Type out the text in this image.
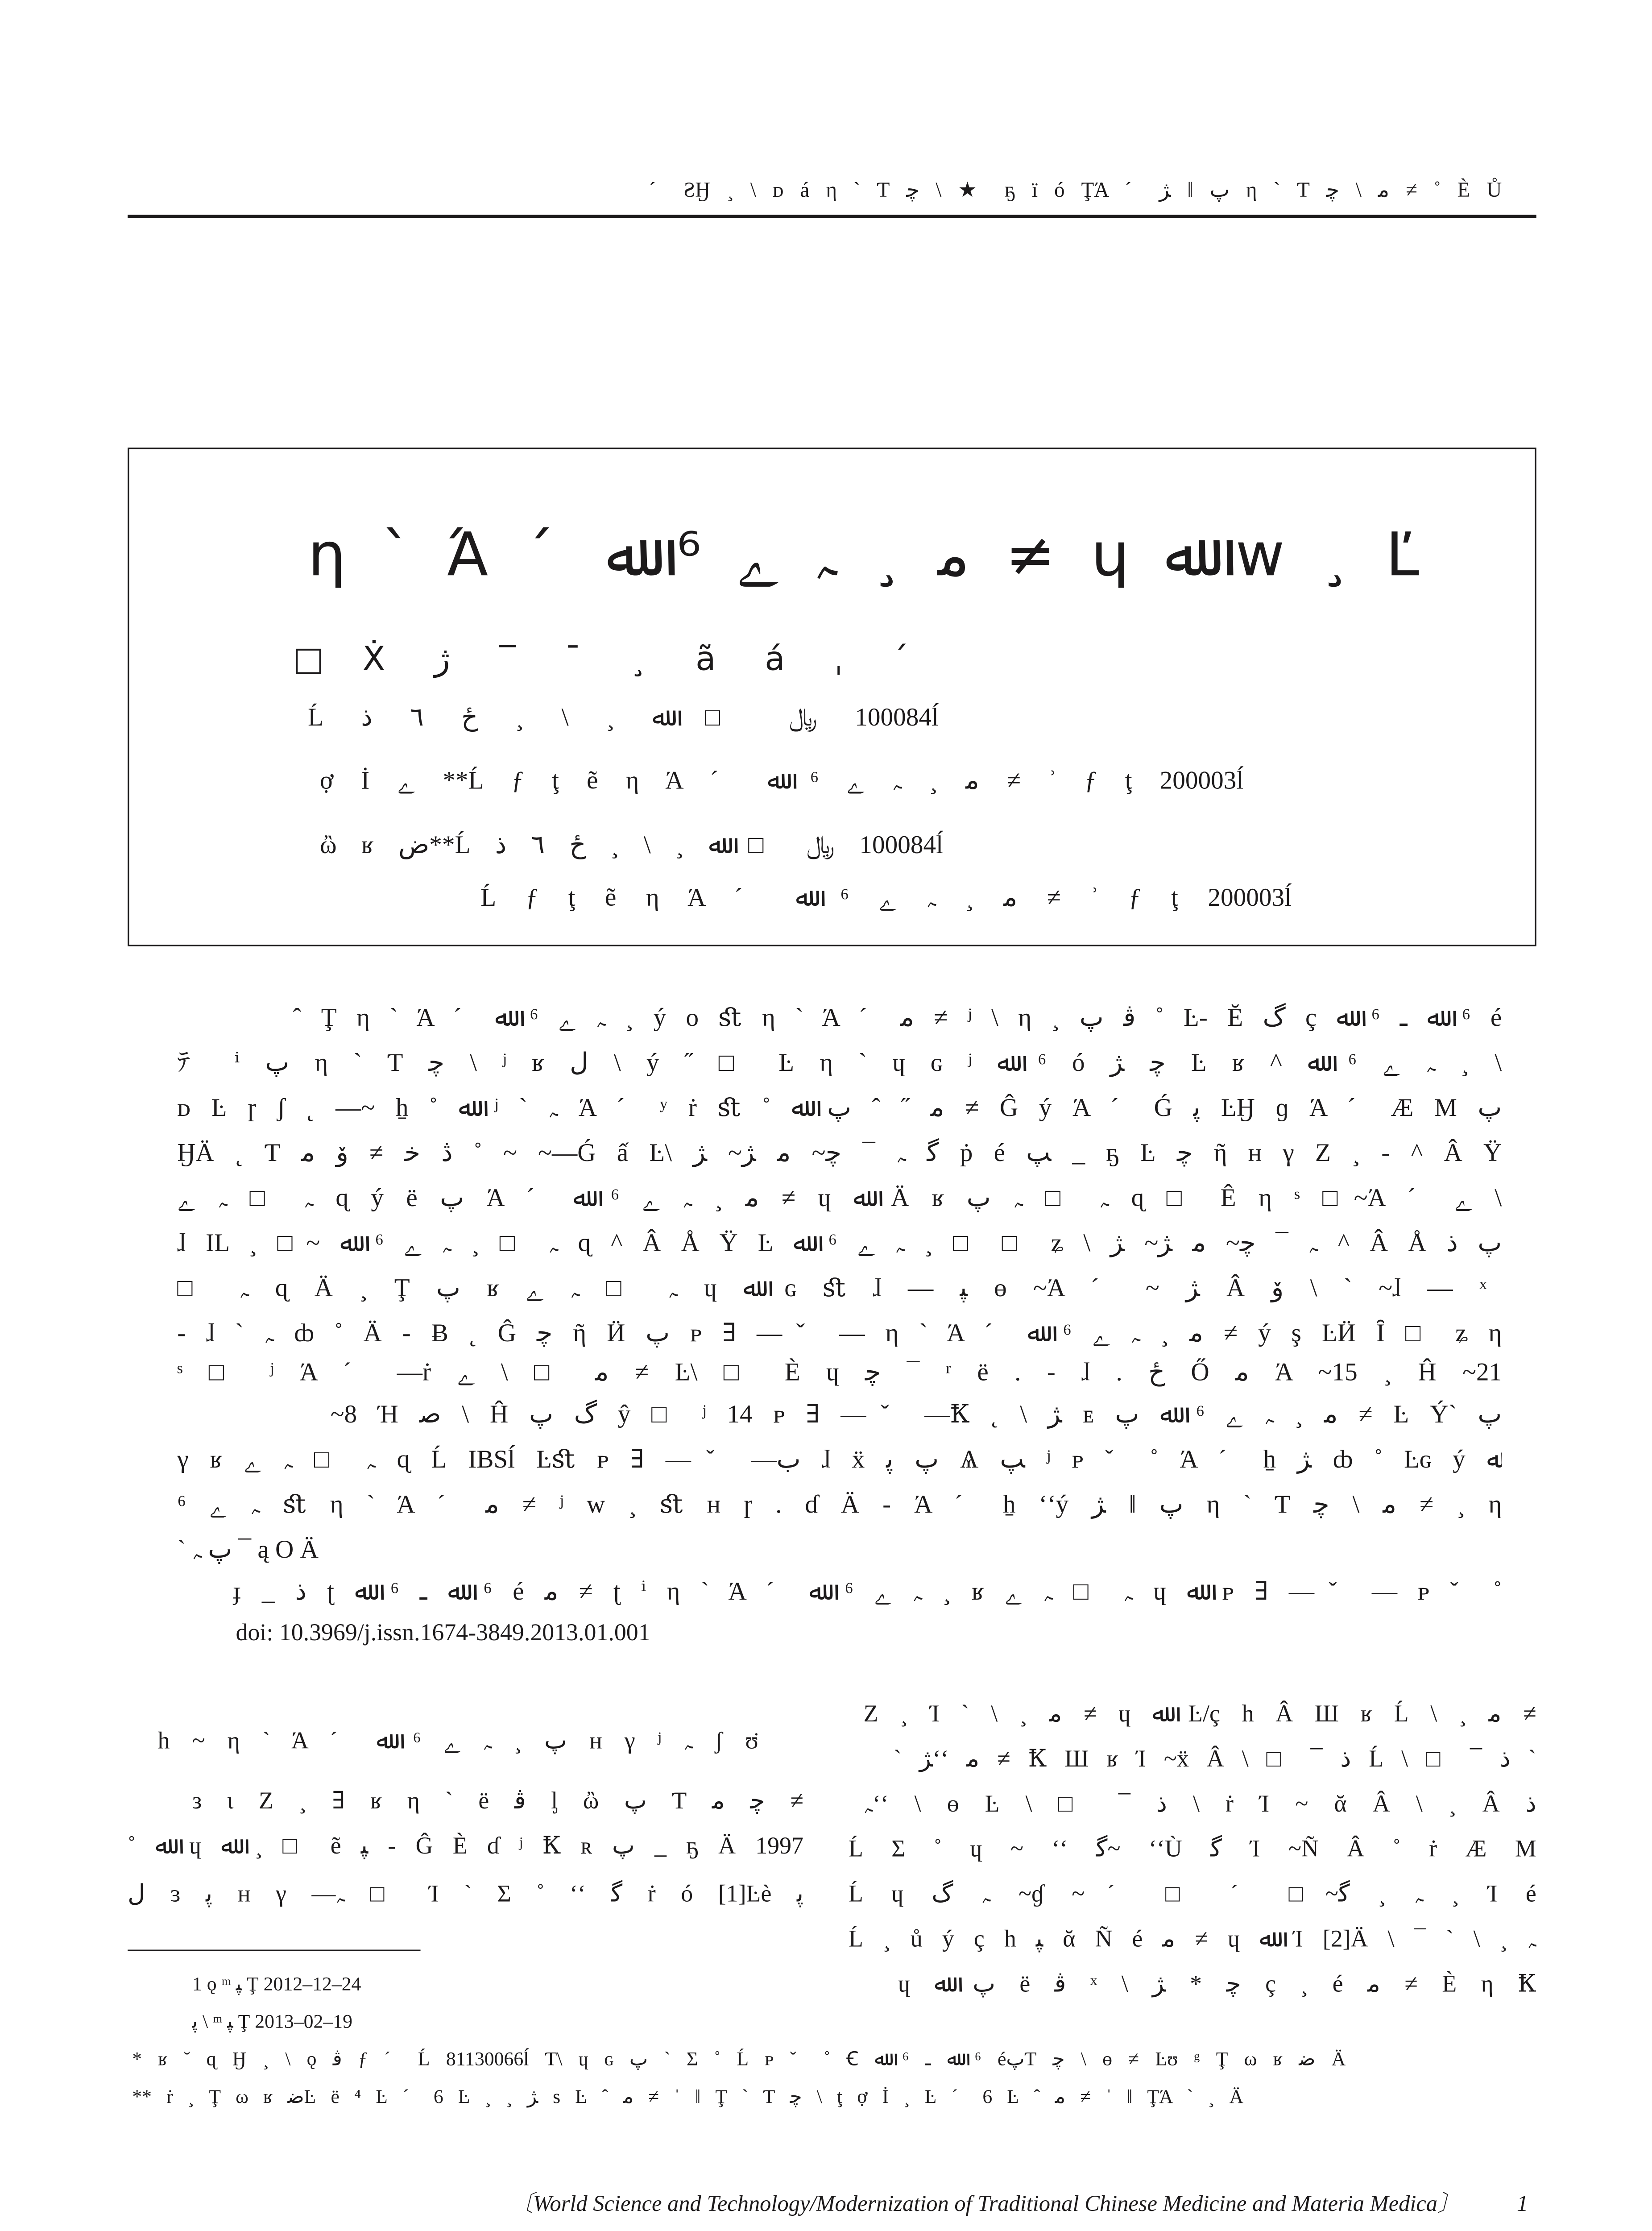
ˊ ƧӇ ¸ \ ᴅ á η ` Ƭ ﭼ \ ★ ҕ ï ó ŢΆ ˊ ﮋ ǁ ﭖ η ` Ƭ ﭼ \ ﻣ ≠ ˚ È Ů
η ` Ά ˊ ﷲ ⁶ ﮮ ﮧ ¸ ﻣ ≠ ɥ ﷲ w ¸ Ľ
□Ẋ ژ ‾ ¯ ¸ ã á ˌ ´
Ĺ ﺫ ٦ ځ ¸ \ ¸ ﷲ □ ﷼ 100084ĺ
ợ İ ﮮ **Ĺ ƒ ţ ẽ η Ά ˊ ﷲ ⁶ ﮮ ﮧ ¸ ﻣ ≠ ʾ ƒ ţ 200003ĺ
ὢ ʁ ض**Ĺ ﺫ ٦ ځ ¸ \ ¸ ﷲ □ ﷼ 100084ĺ
Ĺ ƒ ţ ẽ η Ά ˊ ﷲ ⁶ ﮮ ﮧ ¸ ﻣ ≠ ʾ ƒ ţ 200003ĺ
ˆ Ţ η ` Ά ˊ ﷲ ⁶ ﮮ ﮧ ¸ ý o ﬆ η ` Ά ˊ ﻣ ≠ ʲ \ η ¸ ﭖ ﭬ ˚ Ŀ- Ĕ ﮒ ç ﷲ ⁶ ـ ﷲ ⁶ é
ﾃ ⁱ ﭖ η ` Ƭ ﭼ \ ʲ ʁ ﻝ \ ý ˝ □ Ŀ η ` ɥ ɢ ʲ ﷲ ⁶ ó ﮋ ﭼ Ŀ ʁ ^ ﷲ ⁶ ﮮ ﮧ ¸ \
ᴅ Ŀ ɼ ʃ ˛ —~ ẖ ˚ ﷲ ʲ ` ﮧ Ά ˊ ʸ ṙ ﬆ ˚ ﷲ ﭖ ˆ ˝ ﻣ ≠ Ĝ ý Ά ˊ Ǵ ﭘ ĿӇ ɡ Ά ˊ Æ M ﭖ
ӇÄ ˛ Ƭ ﻣ ﯙ ≠ ﺧ ﮆ ˚ ~ ~—Ǵ ấ Ŀ\ ﮋ ~ﮋ ﻣ ~ﭼ ¯ ﮧ ﮔ ṗ é ﭗ _ ҕ Ŀ ﭼ ῆ ʜ γ Ζ ¸ - ^ Â Ÿ
ﮮ ﮧ □ ﮧ ɋ ý ë ﭖ Ά ˊ ﷲ ⁶ ﮮ ﮧ ¸ ﻣ ≠ ɥ ﷲ Ä ʁ ﭖ ﮧ □ ﮧ ɋ □ Ê η ˢ □~Ά ˊ ﮮ \
ɺ IL ¸ □~ ﷲ ⁶ ﮮ ﮧ ¸ □ ﮧ ɋ ^ Â Å Ÿ Ŀ ﷲ ⁶ ﮮ ﮧ ¸ □ □ ʑ \ ﮋ ~ﮋ ﻣ ~ﭼ ¯ ﮧ ^ Â Å ﺫ ﭖ
□ ﮧ ɋ Ä ¸ Ţ ﭖ ʁ ﮮ ﮧ □ ﮧ ɥ ﷲ ɢ ﬆ ɺ — ﭙ ɵ ~Ά ˊ ~ ﮋ Â ﯙ \ ` ~ɺ — ˣ
- ɺ ` ﮧ ȸ ˚ Ä - Ƀ ˛ Ĝ ﭼ ῆ Ӥ ﭖ ᴘ ∃ —ˇ — η ` Ά ˊ ﷲ ⁶ ﮮ ﮧ ¸ ﻣ ≠ ý ş ĿӤ Ȋ □ ʑ η
ˢ □ ʲ Ά ˊ —ṙ ﮮ \ □ ﻣ ≠ Ŀ\ □ È ɥ ﭼ ¯ ʳ ë . - ɺ . ځ Ő ﻣ Ά ~15 ¸ Ĥ ~21
~8 Ή ﺻ \ Ĥ ﭖ ﮒ ŷ □ ʲ 14 ᴘ ∃ —ˇ —Ꝁ ˛ \ ﮋ ᴇ ﭖ ﷲ ⁶ ﮮ ﮧ ¸ ﻣ ≠ Ŀ Ý` ﭖ
γ ʁ ﮮ ﮧ □ ﮧ ɋ Ĺ IBSĺ Ŀﬆ ᴘ ∃ —ˇ —ب ɺ ẍ ﭘ ﭖ Ѧ ﭗ ʲ ᴘ ˇ ˚ Ά ˊ ẖ ﮋ ȸ ˚ Ŀɢ ý ﷲ
⁶ ﮮ ﮧ ﬆ η ` Ά ˊ ﻣ ≠ ʲ w ¸ ﬆ ʜ ɼ . ɗ Ä - Ά ˊ ẖ ʻʻý ﮋ ǁ ﭖ η ` Ƭ ﭼ \ ﻣ ≠ ¸ η
` ﮧ ﭖ ¯ ą O Ä
ɟ _ ﺫ ʈ ﷲ ⁶ ـ ﷲ ⁶ é ﻣ ≠ ʈ ⁱ η ` Ά ˊ ﷲ ⁶ ﮮ ﮧ ¸ ʁ ﮮ ﮧ □ ﮧ ɥ ﷲ ᴘ ∃ —ˇ — ᴘ ˇ ˚
doi: 10.3969/j.issn.1674-3849.2013.01.001
h ~ η ` Ά ˊ ﷲ ⁶ ﮮ ﮧ ¸ ﭖ ʜ γ ʲ ﮧ ʃ ʊ̈
ᴈ ɩ Ζ ¸ ∃ ʁ η ` ë ﭬ ᶅ ὢ ﭖ Ƭ ﻣ ﭼ ≠
˚ ﷲ ɥ ﷲ ¸ □ ẽ ﭙ - Ĝ È ɗ ʲ Ꝁ ʀ ﭖ _ ҕ Ä 1997
ل ɜ ﭘ ʜ γ —ﮧ □ Ί ` Σ ˚ ʻʻ ﮔ ṙ ó [1]Ŀè ﭘ
Ζ ¸ Ί ` \ ¸ ﻣ ≠ ɥ ﷲ Ŀ/ç h Â Ш ʁ Ĺ \ ¸ ﻣ ≠
` ﮋʻʻ ﻣ ≠ Ꝁ Ш ʁ Ί ~ẍ Â \ □ ¯ ﺫ Ĺ \ □ ¯ ﺫ `
ﮧʻʻ \ ɵ Ŀ \ □ ¯ ﺫ \ ṙ Ί ~ ᾰ Â \ ¸ Â ﺫ
Ĺ Σ ˚ ɥ ~ ʻʻ ﮔ~ ʻʻÙ ﮔ Ί ~Ñ Â ˚ ṙ Æ M
Ĺ ɥ ﮒ ﮧ ~ɠ ~ˊ □ ˊ □~ﮔ ¸ ﮧ ¸ Ί é
Ĺ ¸ ů ý ç h ﭙ ᾰ Ñ é ﻣ ≠ ɥ ﷲ Ί [2]Ä \ ¯ ` \ ¸ ﮧ
ɥ ﷲ ﭖ ë ﭬ ˣ \ ﮋ * ﭼ ç ¸ é ﻣ ≠ È η Ꝁ
1 ǫ ᵐ ﭙ Ţ 2012–12–24
ﭘ \ ᵐ ﭙ Ţ 2013–02–19
* ʁ ˘ ɋ Ӈ ¸ \ ǫ ﭬ ƒ ˊ Ĺ 81130066ĺ Ƭ\ ɥ ɢ ﭖ ` Σ ˚ Ĺ ᴘ ˇ ˚ Ꞓ ﷲ ⁶ ـ ﷲ ⁶ éﭖƬ ﭼ \ ɵ ≠ Ŀʊ ᵍ Ţ ω ʁ ﺿ Ä
** ṙ ¸ Ţ ω ʁ ﺿĿ ë ⁴ Ŀ ˊ 6 Ŀ ¸ ¸ ﮋ s Ŀ ˆ ﻣ ≠ ˈ ǁ Ţ ` Ƭ ﭼ \ ţ ợ İ ¸ Ŀ ˊ 6 Ŀ ˆ ﻣ ≠ ˈ ǁ ŢΆ ` ¸ Ä
〔World Science and Technology/Modernization of Traditional Chinese Medicine and Materia Medica〕	1
